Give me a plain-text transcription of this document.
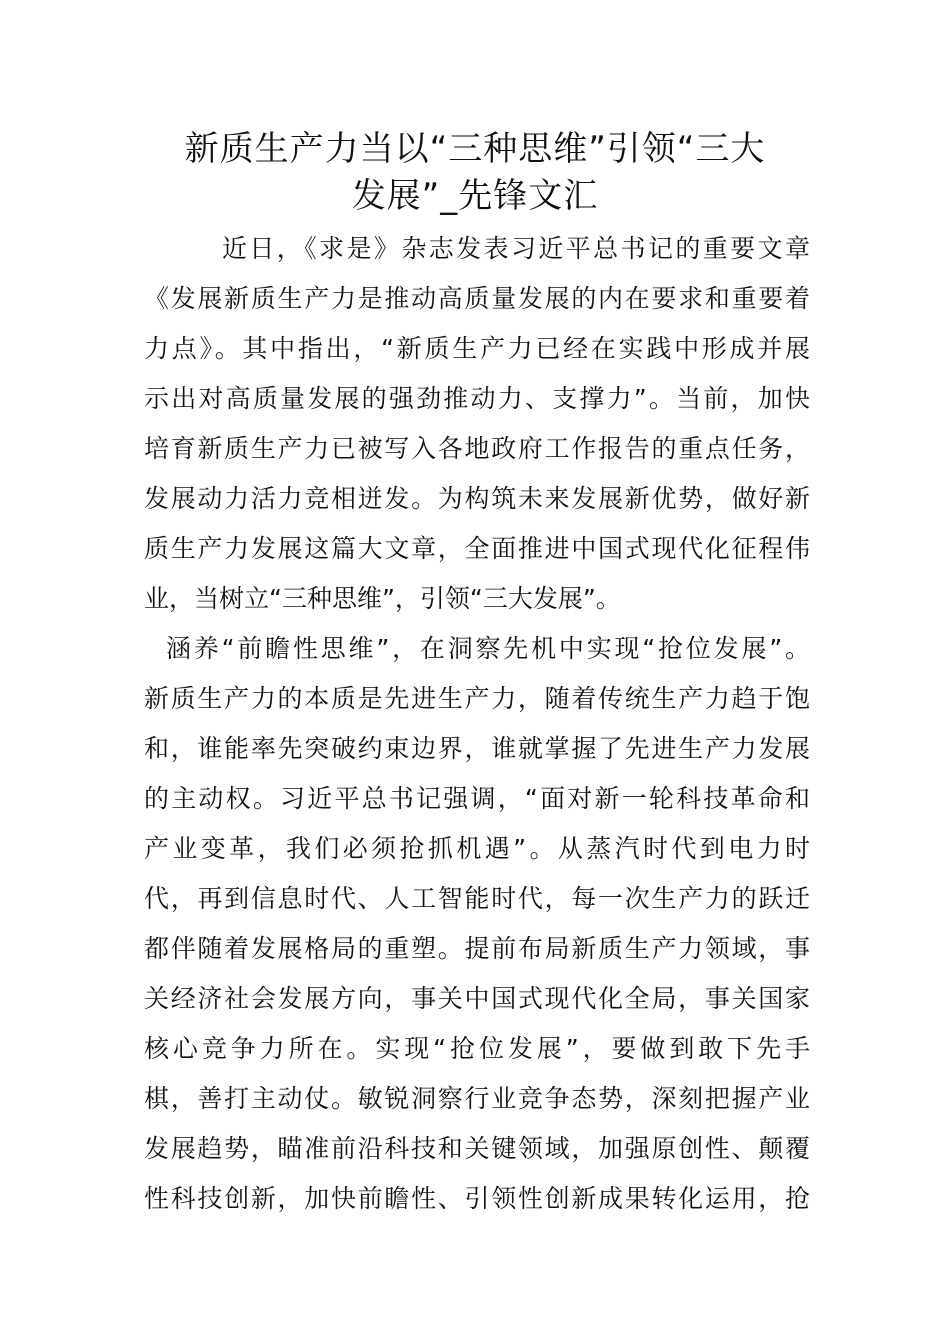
新质生产力当以“三种思维”引领“三大
发展”_先锋文汇
近日，《求是》杂志发表习近平总书记的重要文章
《发展新质生产力是推动高质量发展的内在要求和重要着
力点》。其中指出，“新质生产力已经在实践中形成并展
示出对高质量发展的强劲推动力、支撑力”。当前，加快
培育新质生产力已被写入各地政府工作报告的重点任务，
发展动力活力竞相迸发。为构筑未来发展新优势，做好新
质生产力发展这篇大文章，全面推进中国式现代化征程伟
业，当树立“三种思维”，引领“三大发展”。
涵养“前瞻性思维”，在洞察先机中实现“抢位发展”。
新质生产力的本质是先进生产力，随着传统生产力趋于饱
和，谁能率先突破约束边界，谁就掌握了先进生产力发展
的主动权。习近平总书记强调，“面对新一轮科技革命和
产业变革，我们必须抢抓机遇”。从蒸汽时代到电力时
代，再到信息时代、人工智能时代，每一次生产力的跃迁
都伴随着发展格局的重塑。提前布局新质生产力领域，事
关经济社会发展方向，事关中国式现代化全局，事关国家
核心竞争力所在。实现“抢位发展”，要做到敢下先手
棋，善打主动仗。敏锐洞察行业竞争态势，深刻把握产业
发展趋势，瞄准前沿科技和关键领域，加强原创性、颠覆
性科技创新，加快前瞻性、引领性创新成果转化运用，抢
